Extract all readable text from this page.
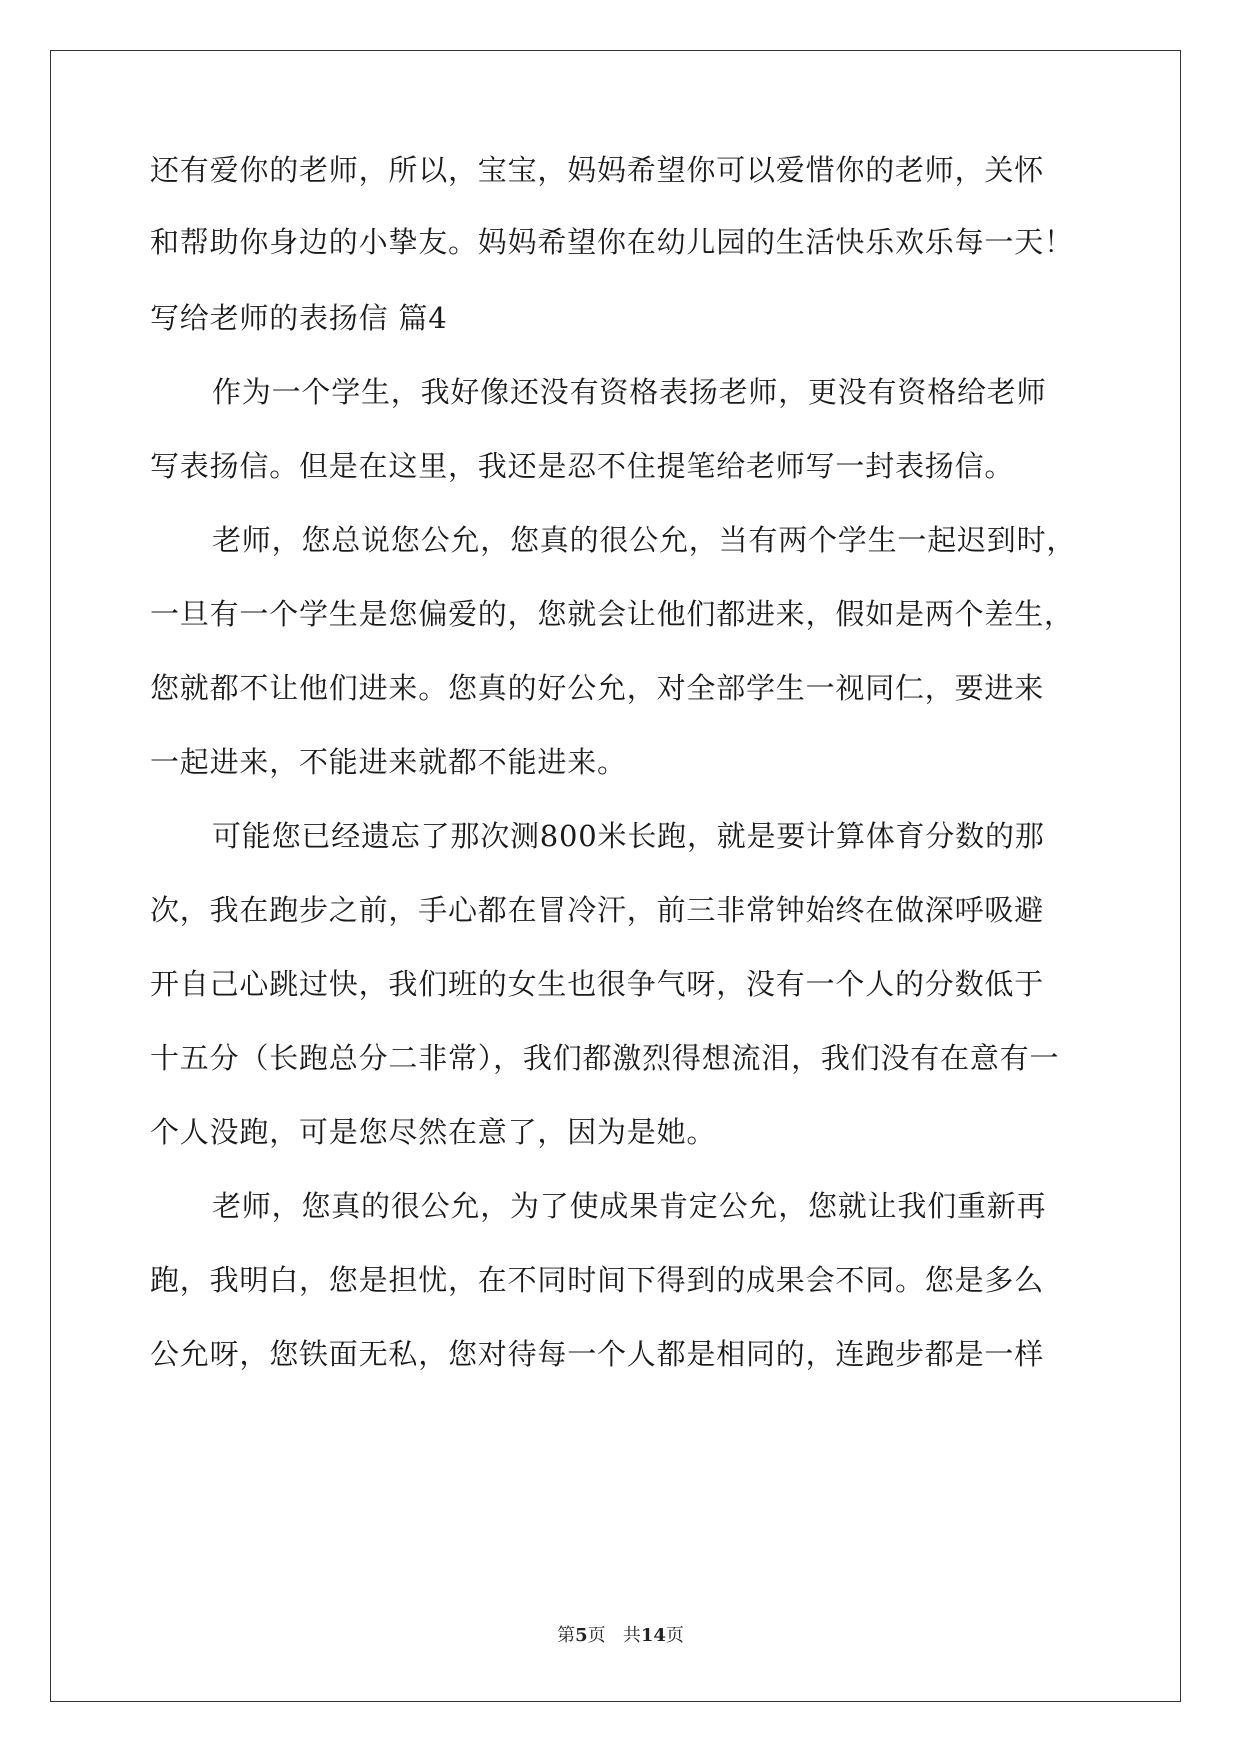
还有爱你的老师，所以，宝宝，妈妈希望你可以爱惜你的老师，关怀
和帮助你身边的小挚友。妈妈希望你在幼儿园的生活快乐欢乐每一天！
写给老师的表扬信 篇4
作为一个学生，我好像还没有资格表扬老师，更没有资格给老师
写表扬信。但是在这里，我还是忍不住提笔给老师写一封表扬信。
老师，您总说您公允，您真的很公允，当有两个学生一起迟到时，
一旦有一个学生是您偏爱的，您就会让他们都进来，假如是两个差生，
您就都不让他们进来。您真的好公允，对全部学生一视同仁，要进来
一起进来，不能进来就都不能进来。
可能您已经遗忘了那次测800米长跑，就是要计算体育分数的那
次，我在跑步之前，手心都在冒冷汗，前三非常钟始终在做深呼吸避
开自己心跳过快，我们班的女生也很争气呀，没有一个人的分数低于
十五分（长跑总分二非常），我们都激烈得想流泪，我们没有在意有一
个人没跑，可是您尽然在意了，因为是她。
老师，您真的很公允，为了使成果肯定公允，您就让我们重新再
跑，我明白，您是担忧，在不同时间下得到的成果会不同。您是多么
公允呀，您铁面无私，您对待每一个人都是相同的，连跑步都是一样
第5页 共14页
